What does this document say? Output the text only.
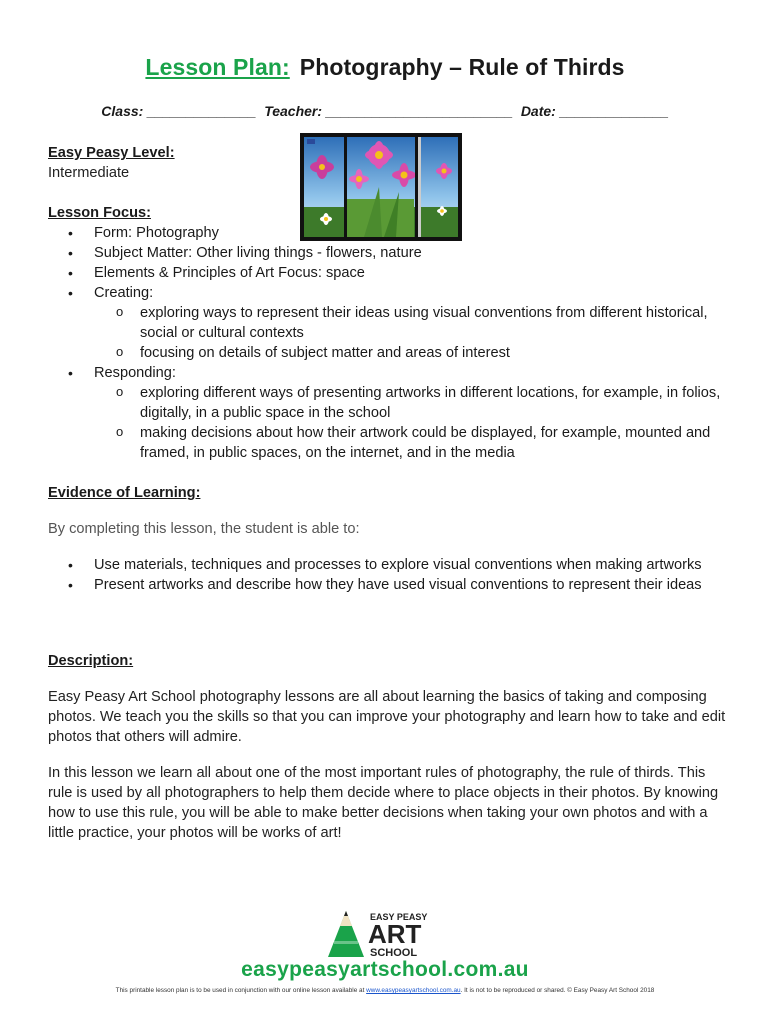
Lesson Plan: Photography – Rule of Thirds
Class: ______________ Teacher: ________________________ Date: ______________
Easy Peasy Level:
Intermediate
Lesson Focus:
• Form: Photography
• Subject Matter: Other living things - flowers, nature
• Elements & Principles of Art Focus: space
• Creating:
o exploring ways to represent their ideas using visual conventions from different historical, social or cultural contexts
o focusing on details of subject matter and areas of interest
• Responding:
o exploring different ways of presenting artworks in different locations, for example, in folios, digitally, in a public space in the school
o making decisions about how their artwork could be displayed, for example, mounted and framed, in public spaces, on the internet, and in the media
Evidence of Learning:
By completing this lesson, the student is able to:
• Use materials, techniques and processes to explore visual conventions when making artworks
• Present artworks and describe how they have used visual conventions to represent their ideas
Description:
Easy Peasy Art School photography lessons are all about learning the basics of taking and composing photos. We teach you the skills so that you can improve your photography and learn how to take and edit photos that others will admire.
In this lesson we learn all about one of the most important rules of photography, the rule of thirds. This rule is used by all photographers to help them decide where to place objects in their photos. By knowing how to use this rule, you will be able to make better decisions when taking your own photos and with a little practice, your photos will be works of art!
EASY PEASY
ART
SCHOOL
easypeasyartschool.com.au
This printable lesson plan is to be used in conjunction with our online lesson available at www.easypeasyartschool.com.au. It is not to be reproduced or shared. © Easy Peasy Art School 2018
